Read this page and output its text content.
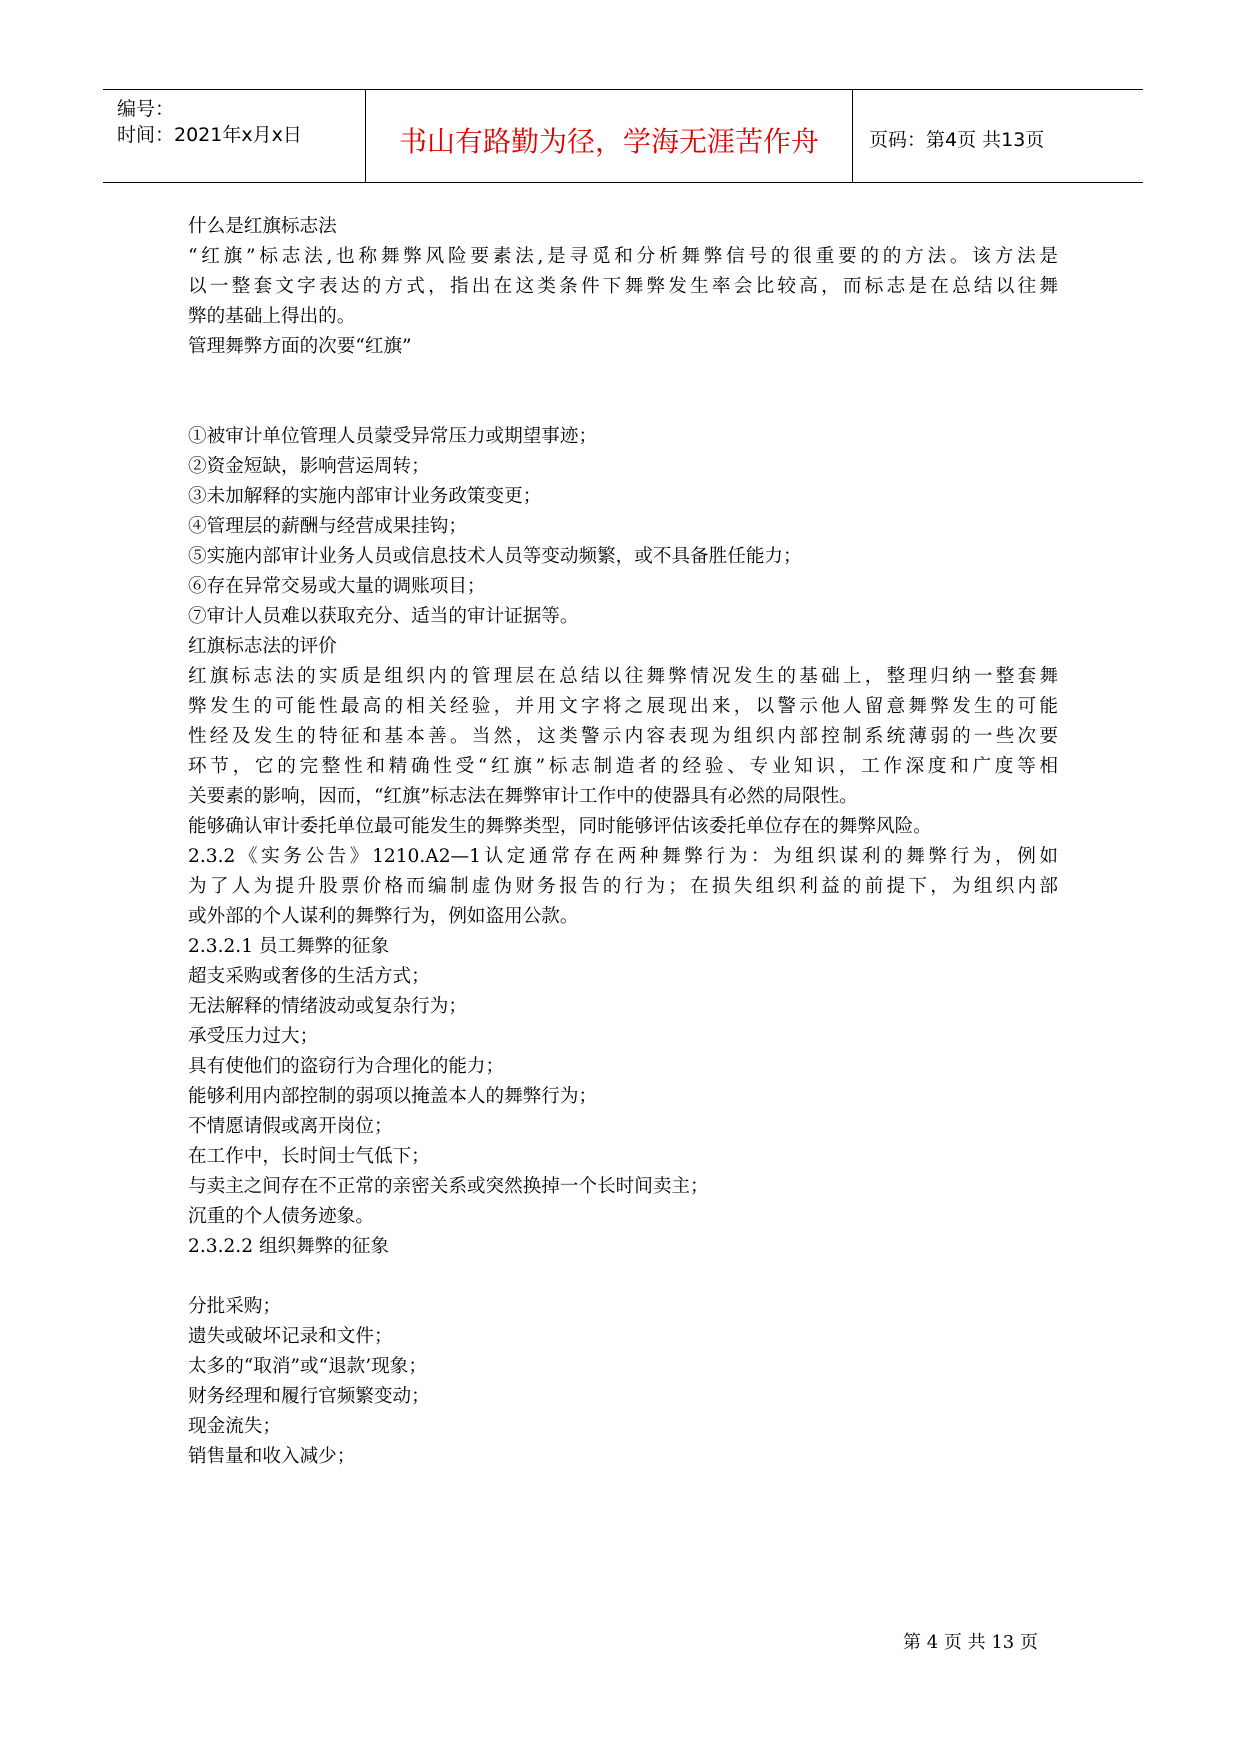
编号：
时间：2021年x月x日	书山有路勤为径，学海无涯苦作舟	页码：第4页 共13页

什么是红旗标志法

“红旗”标志法,也称舞弊风险要素法,是寻觅和分析舞弊信号的很重要的的方法。该方法是

以一整套文字表达的方式，指出在这类条件下舞弊发生率会比较高，而标志是在总结以往舞

弊的基础上得出的。

管理舞弊方面的次要“红旗”

①被审计单位管理人员蒙受异常压力或期望事迹；

②资金短缺，影响营运周转；

③未加解释的实施内部审计业务政策变更；

④管理层的薪酬与经营成果挂钩；

⑤实施内部审计业务人员或信息技术人员等变动频繁，或不具备胜任能力；

⑥存在异常交易或大量的调账项目；

⑦审计人员难以获取充分、适当的审计证据等。

红旗标志法的评价

红旗标志法的实质是组织内的管理层在总结以往舞弊情况发生的基础上，整理归纳一整套舞

弊发生的可能性最高的相关经验，并用文字将之展现出来，以警示他人留意舞弊发生的可能

性经及发生的特征和基本善。当然，这类警示内容表现为组织内部控制系统薄弱的一些次要

环节，它的完整性和精确性受“红旗”标志制造者的经验、专业知识，工作深度和广度等相

关要素的影响，因而，“红旗”标志法在舞弊审计工作中的使器具有必然的局限性。

能够确认审计委托单位最可能发生的舞弊类型，同时能够评估该委托单位存在的舞弊风险。

2.3.2《实务公告》1210.A2—1认定通常存在两种舞弊行为：为组织谋利的舞弊行为，例如

为了人为提升股票价格而编制虚伪财务报告的行为；在损失组织利益的前提下，为组织内部

或外部的个人谋利的舞弊行为，例如盗用公款。

2.3.2.1 员工舞弊的征象

超支采购或奢侈的生活方式；

无法解释的情绪波动或复杂行为；

承受压力过大；

具有使他们的盗窃行为合理化的能力；

能够利用内部控制的弱项以掩盖本人的舞弊行为；

不情愿请假或离开岗位；

在工作中，长时间士气低下；

与卖主之间存在不正常的亲密关系或突然换掉一个长时间卖主；

沉重的个人债务迹象。

2.3.2.2 组织舞弊的征象

分批采购；

遗失或破坏记录和文件；

太多的“取消”或“退款’现象；

财务经理和履行官频繁变动；

现金流失；

销售量和收入减少；

第 4 页 共 13 页
